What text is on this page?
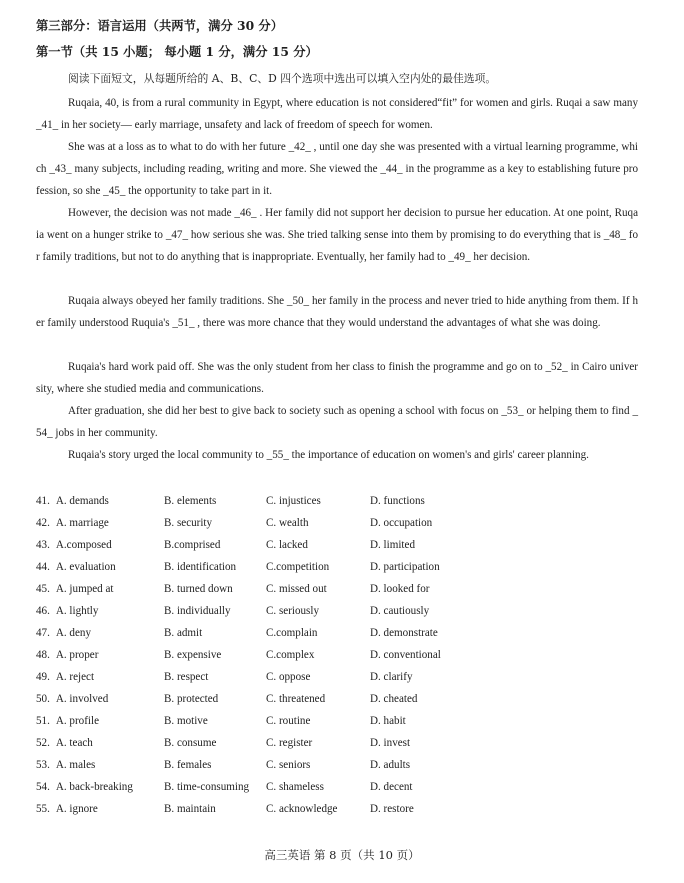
第三部分：语言运用（共两节，满分 30 分）
第一节（共 15 小题； 每小题 1 分，满分 15 分）
阅读下面短文，从每题所给的 A、B、C、D 四个选项中选出可以填入空内处的最佳选项。
Ruqaia, 40, is from a rural community in Egypt, where education is not considered“fit” for women and girls. Ruqai a saw many _41_ in her society— early marriage, unsafety and lack of freedom of speech for women.
She was at a loss as to what to do with her future _42_ , until one day she was presented with a virtual learning programme, which _43_ many subjects, including reading, writing and more. She viewed the _44_ in the programme as a key to establishing future profession, so she _45_ the opportunity to take part in it.
However, the decision was not made _46_ . Her family did not support her decision to pursue her education. At one point, Ruqaia went on a hunger strike to _47_ how serious she was. She tried talking sense into them by promising to do everything that is _48_ for family traditions, but not to do anything that is inappropriate. Eventually, her family had to _49_ her decision.
Ruqaia always obeyed her family traditions. She _50_ her family in the process and never tried to hide anything from them. If her family understood Ruquia's _51_ , there was more chance that they would understand the advantages of what she was doing.
Ruqaia's hard work paid off. She was the only student from her class to finish the programme and go on to _52_ in Cairo university, where she studied media and communications.
After graduation, she did her best to give back to society such as opening a school with focus on _53_ or helping them to find _54_ jobs in her community.
Ruqaia's story urged the local community to _55_ the importance of education on women's and girls' career planning.
41. A. demands	B. elements	C. injustices	D. functions
42. A. marriage	B. security	C. wealth	D. occupation
43. A.composed	B.comprised	C. lacked	D. limited
44. A. evaluation	B. identification	C.competition	D. participation
45. A. jumped at	B. turned down	C. missed out	D. looked for
46. A. lightly	B. individually	C. seriously	D. cautiously
47. A. deny	B. admit	C.complain	D. demonstrate
48. A. proper	B. expensive	C.complex	D. conventional
49. A. reject	B. respect	C. oppose	D. clarify
50. A. involved	B. protected	C. threatened	D. cheated
51. A. profile	B. motive	C. routine	D. habit
52. A. teach	B. consume	C. register	D. invest
53. A. males	B. females	C. seniors	D. adults
54. A. back-breaking	B. time-consuming C. shameless	D. decent
55. A. ignore	B. maintain	C. acknowledge	D. restore
高三英语 第 8 页（共 10 页）
